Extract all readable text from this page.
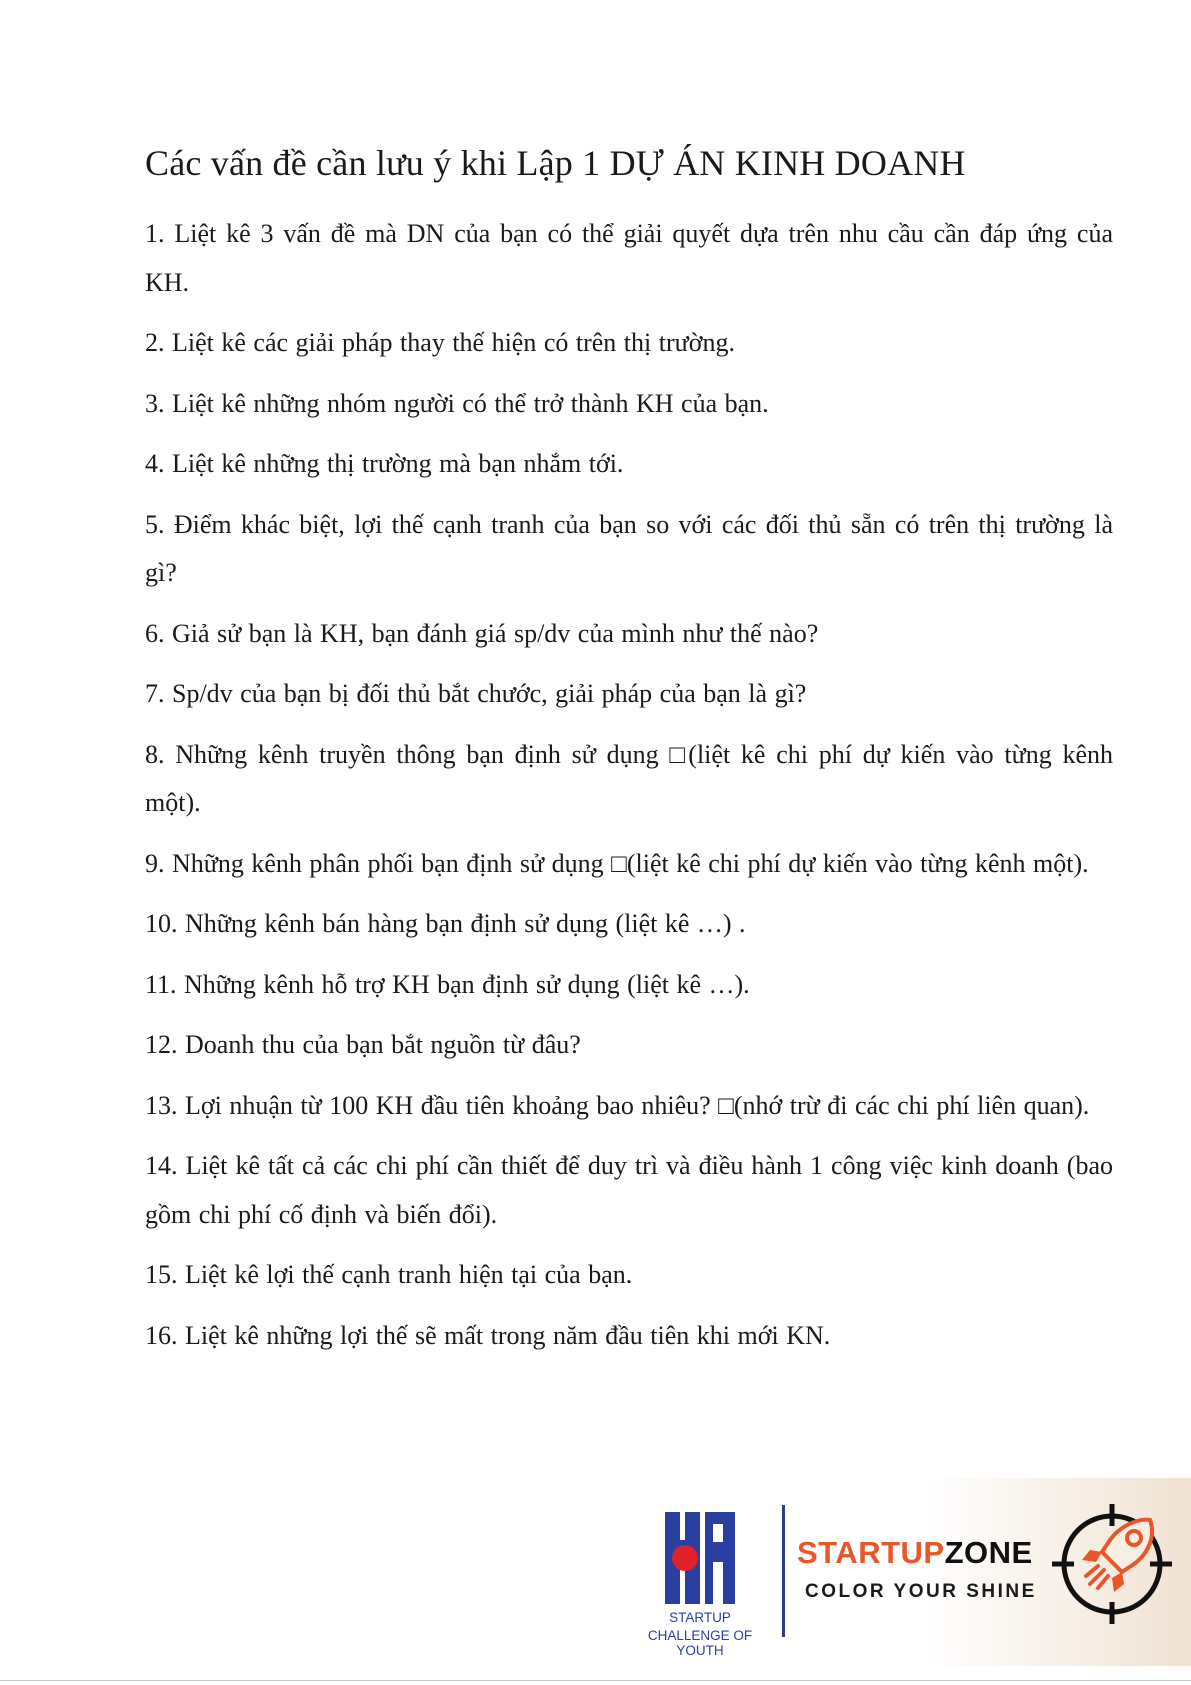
Các vấn đề cần lưu ý khi Lập 1 DỰ ÁN KINH DOANH

1. Liệt kê 3 vấn đề mà DN của bạn có thể giải quyết dựa trên nhu cầu cần đáp ứng của KH.

2. Liệt kê các giải pháp thay thế hiện có trên thị trường.

3. Liệt kê những nhóm người có thể trở thành KH của bạn.

4. Liệt kê những thị trường mà bạn nhắm tới.

5. Điểm khác biệt, lợi thế cạnh tranh của bạn so với các đối thủ sẵn có trên thị trường là gì?

6. Giả sử bạn là KH, bạn đánh giá sp/dv của mình như thế nào?

7. Sp/dv của bạn bị đối thủ bắt chước, giải pháp của bạn là gì?

8. Những kênh truyền thông bạn định sử dụng □(liệt kê chi phí dự kiến vào từng kênh một).

9. Những kênh phân phối bạn định sử dụng □(liệt kê chi phí dự kiến vào từng kênh một).

10. Những kênh bán hàng bạn định sử dụng (liệt kê …) .

11. Những kênh hỗ trợ KH bạn định sử dụng (liệt kê …).

12. Doanh thu của bạn bắt nguồn từ đâu?

13. Lợi nhuận từ 100 KH đầu tiên khoảng bao nhiêu? □(nhớ trừ đi các chi phí liên quan).

14. Liệt kê tất cả các chi phí cần thiết để duy trì và điều hành 1 công việc kinh doanh (bao gồm chi phí cố định và biến đổi).

15. Liệt kê lợi thế cạnh tranh hiện tại của bạn.

16. Liệt kê những lợi thế sẽ mất trong năm đầu tiên khi mới KN.

STARTUP
CHALLENGE OF YOUTH
STARTUPZONE
COLOR YOUR SHINE
